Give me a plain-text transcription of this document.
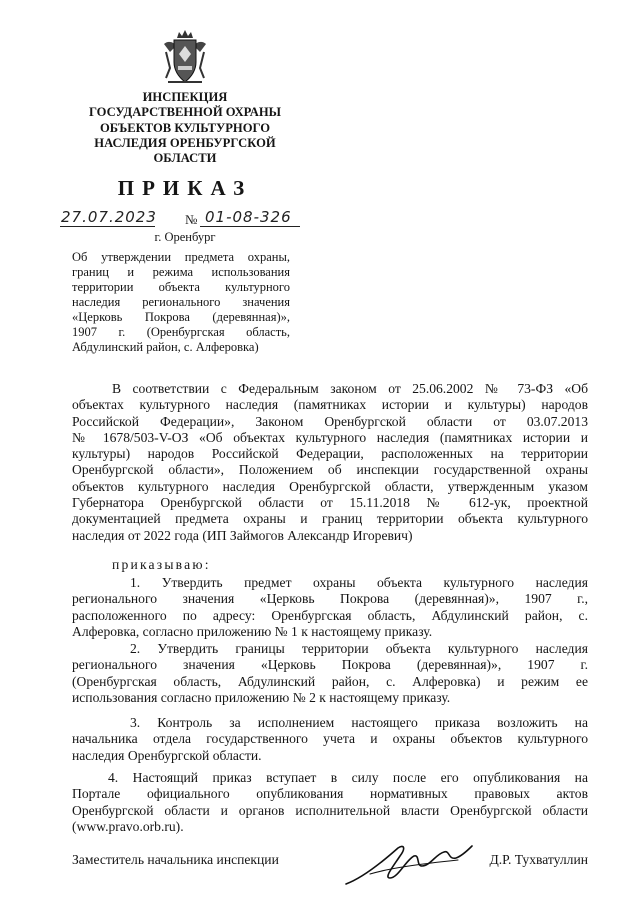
ИНСПЕКЦИЯ
ГОСУДАРСТВЕННОЙ ОХРАНЫ
ОБЪЕКТОВ КУЛЬТУРНОГО
НАСЛЕДИЯ ОРЕНБУРГСКОЙ
ОБЛАСТИ
ПРИКАЗ
27.07.2023 № 01-08-326
г. Оренбург
Об утверждении предмета охраны,
границ и режима использования
территории объекта культурного
наследия регионального значения
«Церковь Покрова (деревянная)»,
1907 г. (Оренбургская область,
Абдулинский район, с. Алферовка)
В соответствии с Федеральным законом от 25.06.2002 № 73-ФЗ «Об
объектах культурного наследия (памятниках истории и культуры) народов
Российской Федерации», Законом Оренбургской области от 03.07.2013
№ 1678/503-V-ОЗ «Об объектах культурного наследия (памятниках истории и
культуры) народов Российской Федерации, расположенных на территории
Оренбургской области», Положением об инспекции государственной охраны
объектов культурного наследия Оренбургской области, утвержденным указом
Губернатора Оренбургской области от 15.11.2018 № 612-ук, проектной
документацией предмета охраны и границ территории объекта культурного
наследия от 2022 года (ИП Займогов Александр Игоревич)
приказываю:
1. Утвердить предмет охраны объекта культурного наследия
регионального значения «Церковь Покрова (деревянная)», 1907 г.,
расположенного по адресу: Оренбургская область, Абдулинский район, с.
Алферовка, согласно приложению № 1 к настоящему приказу.
2. Утвердить границы территории объекта культурного наследия
регионального значения «Церковь Покрова (деревянная)», 1907 г.
(Оренбургская область, Абдулинский район, с. Алферовка) и режим ее
использования согласно приложению № 2 к настоящему приказу.
3. Контроль за исполнением настоящего приказа возложить на
начальника отдела государственного учета и охраны объектов культурного
наследия Оренбургской области.
4. Настоящий приказ вступает в силу после его опубликования на
Портале официального опубликования нормативных правовых актов
Оренбургской области и органов исполнительной власти Оренбургской области
(www.pravo.orb.ru).
Заместитель начальника инспекции	Д.Р. Тухватуллин
